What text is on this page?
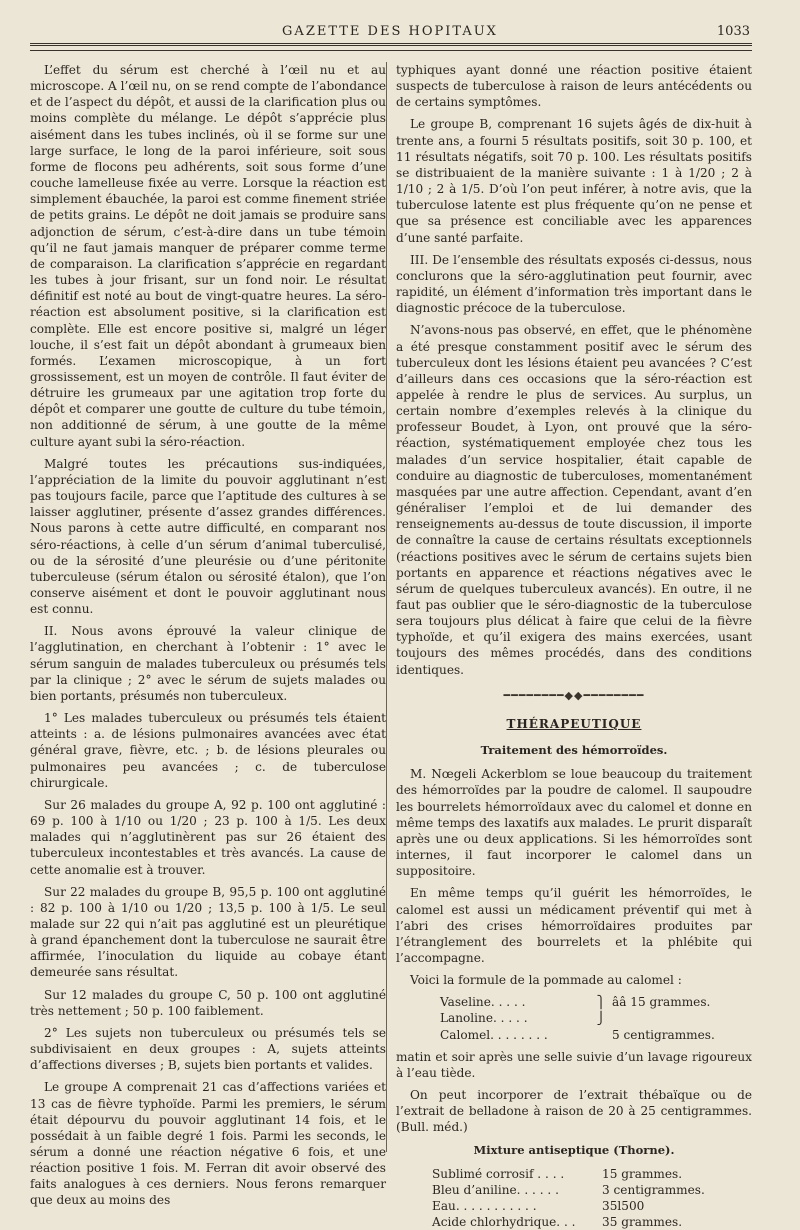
GAZETTE DES HOPITAUX	1033

L’effet du sérum est cherché à l’œil nu et au microscope. A l’œil nu, on se rend compte de l’abondance et de l’aspect du dépôt, et aussi de la clarification plus ou moins complète du mélange. Le dépôt s’apprécie plus aisément dans les tubes inclinés, où il se forme sur une large surface, le long de la paroi inférieure, soit sous forme de flocons peu adhérents, soit sous forme d’une couche lamelleuse fixée au verre. Lorsque la réaction est simplement ébauchée, la paroi est comme finement striée de petits grains. Le dépôt ne doit jamais se produire sans adjonction de sérum, c’est-à-dire dans un tube témoin qu’il ne faut jamais manquer de préparer comme terme de comparaison. La clarification s’apprécie en regardant les tubes à jour frisant, sur un fond noir. Le résultat définitif est noté au bout de vingt-quatre heures. La séro-réaction est absolument positive, si la clarification est complète. Elle est encore positive si, malgré un léger louche, il s’est fait un dépôt abondant à grumeaux bien formés. L’examen microscopique, à un fort grossissement, est un moyen de contrôle. Il faut éviter de détruire les grumeaux par une agitation trop forte du dépôt et comparer une goutte de culture du tube témoin, non additionné de sérum, à une goutte de la même culture ayant subi la séro-réaction.

Malgré toutes les précautions sus-indiquées, l’appréciation de la limite du pouvoir agglutinant n’est pas toujours facile, parce que l’aptitude des cultures à se laisser agglutiner, présente d’assez grandes différences. Nous parons à cette autre difficulté, en comparant nos séro-réactions, à celle d’un sérum d’animal tuberculisé, ou de la sérosité d’une pleurésie ou d’une péritonite tuberculeuse (sérum étalon ou sérosité étalon), que l’on conserve aisément et dont le pouvoir agglutinant nous est connu.

II. Nous avons éprouvé la valeur clinique de l’agglutination, en cherchant à l’obtenir : 1° avec le sérum sanguin de malades tuberculeux ou présumés tels par la clinique ; 2° avec le sérum de sujets malades ou bien portants, présumés non tuberculeux.

1° Les malades tuberculeux ou présumés tels étaient atteints : a. de lésions pulmonaires avancées avec état général grave, fièvre, etc. ; b. de lésions pleurales ou pulmonaires peu avancées ; c. de tuberculose chirurgicale.

Sur 26 malades du groupe A, 92 p. 100 ont agglutiné : 69 p. 100 à 1/10 ou 1/20 ; 23 p. 100 à 1/5. Les deux malades qui n’agglutinèrent pas sur 26 étaient des tuberculeux incontestables et très avancés. La cause de cette anomalie est à trouver.

Sur 22 malades du groupe B, 95,5 p. 100 ont agglutiné : 82 p. 100 à 1/10 ou 1/20 ; 13,5 p. 100 à 1/5. Le seul malade sur 22 qui n’ait pas agglutiné est un pleurétique à grand épanchement dont la tuberculose ne saurait être affirmée, l’inoculation du liquide au cobaye étant demeurée sans résultat.

Sur 12 malades du groupe C, 50 p. 100 ont agglutiné très nettement ; 50 p. 100 faiblement.

2° Les sujets non tuberculeux ou présumés tels se subdivisaient en deux groupes : A, sujets atteints d’affections diverses ; B, sujets bien portants et valides.

Le groupe A comprenait 21 cas d’affections variées et 13 cas de fièvre typhoïde. Parmi les premiers, le sérum était dépourvu du pouvoir agglutinant 14 fois, et le possédait à un faible degré 1 fois. Parmi les seconds, le sérum a donné une réaction négative 6 fois, et une réaction positive 1 fois. M. Ferran dit avoir observé des faits analogues à ces derniers. Nous ferons remarquer que deux au moins des

typhiques ayant donné une réaction positive étaient suspects de tuberculose à raison de leurs antécédents ou de certains symptômes.

Le groupe B, comprenant 16 sujets âgés de dix-huit à trente ans, a fourni 5 résultats positifs, soit 30 p. 100, et 11 résultats négatifs, soit 70 p. 100. Les résultats positifs se distribuaient de la manière suivante : 1 à 1/20 ; 2 à 1/10 ; 2 à 1/5. D’où l’on peut inférer, à notre avis, que la tuberculose latente est plus fréquente qu’on ne pense et que sa présence est conciliable avec les apparences d’une santé parfaite.

III. De l’ensemble des résultats exposés ci-dessus, nous conclurons que la séro-agglutination peut fournir, avec rapidité, un élément d’information très important dans le diagnostic précoce de la tuberculose.

N’avons-nous pas observé, en effet, que le phénomène a été presque constamment positif avec le sérum des tuberculeux dont les lésions étaient peu avancées ? C’est d’ailleurs dans ces occasions que la séro-réaction est appelée à rendre le plus de services. Au surplus, un certain nombre d’exemples relevés à la clinique du professeur Boudet, à Lyon, ont prouvé que la séro-réaction, systématiquement employée chez tous les malades d’un service hospitalier, était capable de conduire au diagnostic de tuberculoses, momentanément masquées par une autre affection. Cependant, avant d’en généraliser l’emploi et de lui demander des renseignements au-dessus de toute discussion, il importe de connaître la cause de certains résultats exceptionnels (réactions positives avec le sérum de certains sujets bien portants en apparence et réactions négatives avec le sérum de quelques tuberculeux avancés). En outre, il ne faut pas oublier que le séro-diagnostic de la tuberculose sera toujours plus délicat à faire que celui de la fièvre typhoïde, et qu’il exigera des mains exercées, usant toujours des mêmes procédés, dans des conditions identiques.

━━━━━━━━◆◆━━━━━━━━
THÉRAPEUTIQUE
Traitement des hémorroïdes.

M. Nœgeli Ackerblom se loue beaucoup du traitement des hémorroïdes par la poudre de calomel. Il saupoudre les bourrelets hémorroïdaux avec du calomel et donne en même temps des laxatifs aux malades. Le prurit disparaît après une ou deux applications. Si les hémorroïdes sont internes, il faut incorporer le calomel dans un suppositoire.

En même temps qu’il guérit les hémorroïdes, le calomel est aussi un médicament préventif qui met à l’abri des crises hémorroïdaires produites par l’étranglement des bourrelets et la phlébite qui l’accompagne.

Voici la formule de la pommade au calomel :

Vaseline. . . . .	⎫ ââ 15 grammes.
Lanoline. . . . .	⎭
Calomel. . . . . . . .	5 centigrammes.

matin et soir après une selle suivie d’un lavage rigoureux à l’eau tiède.

On peut incorporer de l’extrait thébaïque ou de l’extrait de belladone à raison de 20 à 25 centigrammes. (Bull. méd.)

Mixture antiseptique (Thorne).
Sublimé corrosif . . . .	15 grammes.
Bleu d’aniline. . . . . .	3 centigrammes.
Eau. . . . . . . . . . .	35l500
Acide chlorhydrique. . .	35 grammes.
